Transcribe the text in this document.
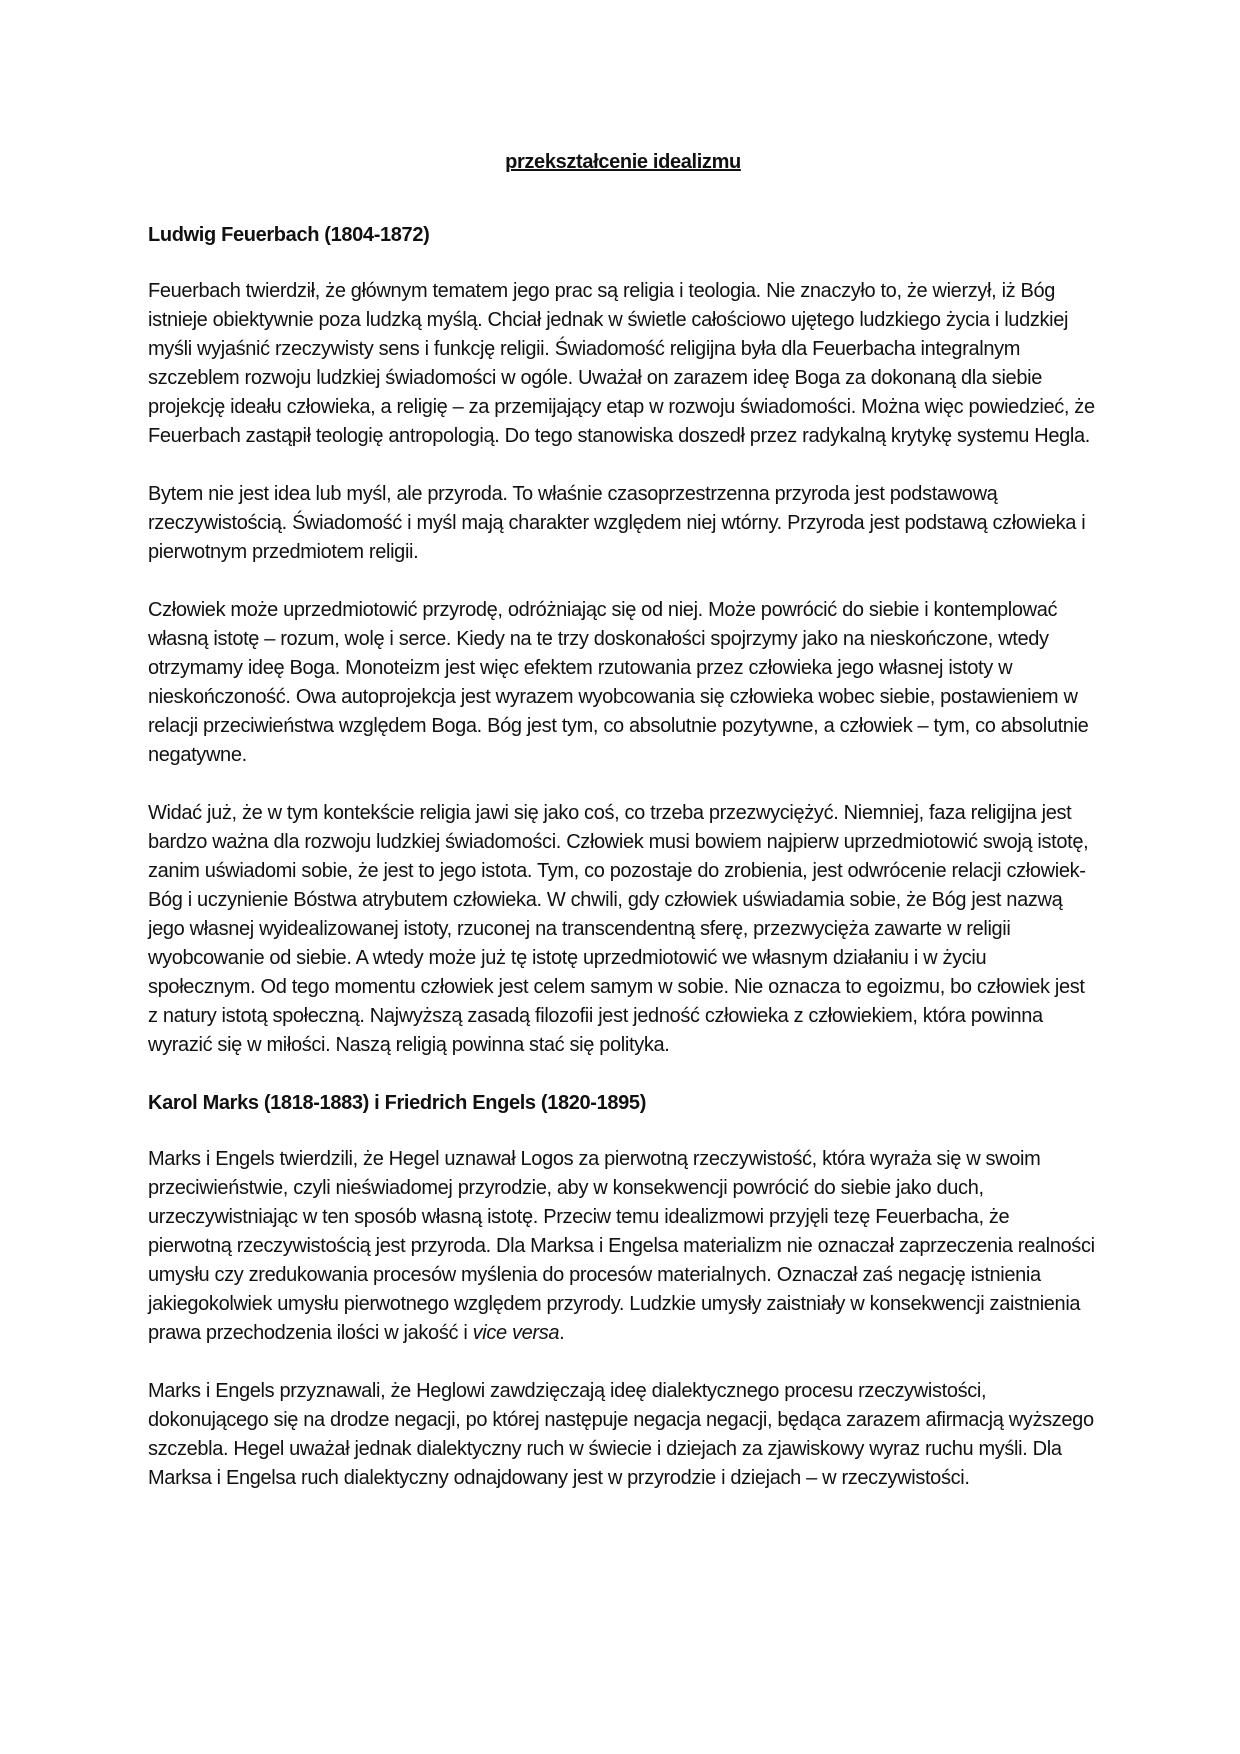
przekształcenie idealizmu
Ludwig Feuerbach (1804-1872)

Feuerbach twierdził, że głównym tematem jego prac są religia i teologia. Nie znaczyło to, że wierzył, iż Bóg istnieje obiektywnie poza ludzką myślą. Chciał jednak w świetle całościowo ujętego ludzkiego życia i ludzkiej myśli wyjaśnić rzeczywisty sens i funkcję religii. Świadomość religijna była dla Feuerbacha integralnym szczeblem rozwoju ludzkiej świadomości w ogóle. Uważał on zarazem ideę Boga za dokonaną dla siebie projekcję ideału człowieka, a religię – za przemijający etap w rozwoju świadomości. Można więc powiedzieć, że Feuerbach zastąpił teologię antropologią. Do tego stanowiska doszedł przez radykalną krytykę systemu Hegla.

Bytem nie jest idea lub myśl, ale przyroda. To właśnie czasoprzestrzenna przyroda jest podstawową rzeczywistością. Świadomość i myśl mają charakter względem niej wtórny. Przyroda jest podstawą człowieka i pierwotnym przedmiotem religii.

Człowiek może uprzedmiotowić przyrodę, odróżniając się od niej. Może powrócić do siebie i kontemplować własną istotę – rozum, wolę i serce. Kiedy na te trzy doskonałości spojrzymy jako na nieskończone, wtedy otrzymamy ideę Boga. Monoteizm jest więc efektem rzutowania przez człowieka jego własnej istoty w nieskończoność. Owa autoprojekcja jest wyrazem wyobcowania się człowieka wobec siebie, postawieniem w relacji przeciwieństwa względem Boga. Bóg jest tym, co absolutnie pozytywne, a człowiek – tym, co absolutnie negatywne.

Widać już, że w tym kontekście religia jawi się jako coś, co trzeba przezwyciężyć. Niemniej, faza religijna jest bardzo ważna dla rozwoju ludzkiej świadomości. Człowiek musi bowiem najpierw uprzedmiotowić swoją istotę, zanim uświadomi sobie, że jest to jego istota. Tym, co pozostaje do zrobienia, jest odwrócenie relacji człowiek-Bóg i uczynienie Bóstwa atrybutem człowieka. W chwili, gdy człowiek uświadamia sobie, że Bóg jest nazwą jego własnej wyidealizowanej istoty, rzuconej na transcendentną sferę, przezwycięża zawarte w religii wyobcowanie od siebie. A wtedy może już tę istotę uprzedmiotowić we własnym działaniu i w życiu społecznym. Od tego momentu człowiek jest celem samym w sobie. Nie oznacza to egoizmu, bo człowiek jest z natury istotą społeczną. Najwyższą zasadą filozofii jest jedność człowieka z człowiekiem, która powinna wyrazić się w miłości. Naszą religią powinna stać się polityka.

Karol Marks (1818-1883) i Friedrich Engels (1820-1895)

Marks i Engels twierdzili, że Hegel uznawał Logos za pierwotną rzeczywistość, która wyraża się w swoim przeciwieństwie, czyli nieświadomej przyrodzie, aby w konsekwencji powrócić do siebie jako duch, urzeczywistniając w ten sposób własną istotę. Przeciw temu idealizmowi przyjęli tezę Feuerbacha, że pierwotną rzeczywistością jest przyroda. Dla Marksa i Engelsa materializm nie oznaczał zaprzeczenia realności umysłu czy zredukowania procesów myślenia do procesów materialnych. Oznaczał zaś negację istnienia jakiegokolwiek umysłu pierwotnego względem przyrody. Ludzkie umysły zaistniały w konsekwencji zaistnienia prawa przechodzenia ilości w jakość i vice versa.

Marks i Engels przyznawali, że Heglowi zawdzięczają ideę dialektycznego procesu rzeczywistości, dokonującego się na drodze negacji, po której następuje negacja negacji, będąca zarazem afirmacją wyższego szczebla. Hegel uważał jednak dialektyczny ruch w świecie i dziejach za zjawiskowy wyraz ruchu myśli. Dla Marksa i Engelsa ruch dialektyczny odnajdowany jest w przyrodzie i dziejach – w rzeczywistości.
